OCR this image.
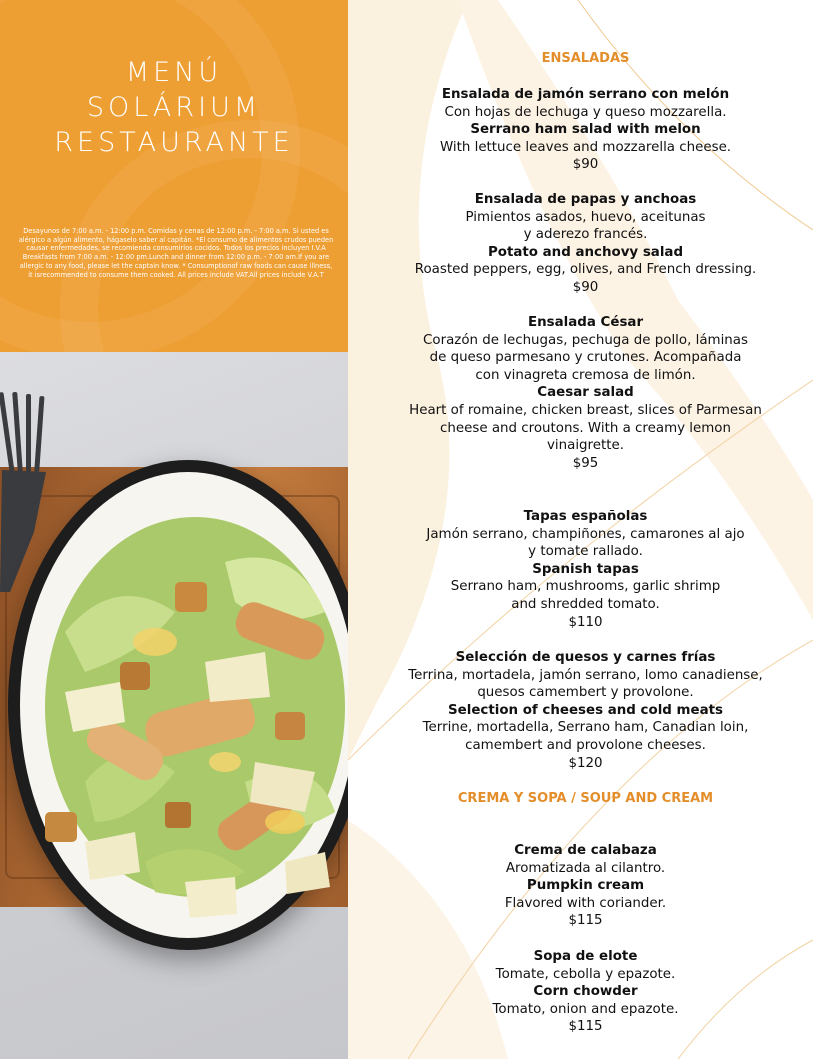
MENÚ
SOLÁRIUM
RESTAURANTE
Desayunos de 7:00 a.m. - 12:00 p.m. Comidas y cenas de 12:00 p.m. - 7:00 a.m. Si usted es alérgico a algún alimento, hágaselo saber al capitán. *El consumo de alimentos crudos pueden causar enfermedades, se recomienda consumirlos cocidos. Todos los precios incluyen I.V.A Breakfasts from 7:00 a.m. - 12:00 pm.Lunch and dinner from 12:00 p.m. - 7:00 am.If you are allergic to any food, please let the captain know. * Consumptionof raw foods can cause illness, it isrecommended to consume them cooked. All prices include VAT.All prices include V.A.T
ENSALADAS
Ensalada de jamón serrano con melón
Con hojas de lechuga y queso mozzarella.
Serrano ham salad with melon
With lettuce leaves and mozzarella cheese.
$90
Ensalada de papas y anchoas
Pimientos asados, huevo, aceitunas
y aderezo francés.
Potato and anchovy salad
Roasted peppers, egg, olives, and French dressing.
$90
Ensalada César
Corazón de lechugas, pechuga de pollo, láminas
de queso parmesano y crutones. Acompañada
con vinagreta cremosa de limón.
Caesar salad
Heart of romaine, chicken breast, slices of Parmesan
cheese and croutons. With a creamy lemon
vinaigrette.
$95
Tapas españolas
Jamón serrano, champiñones, camarones al ajo
y tomate rallado.
Spanish tapas
Serrano ham, mushrooms, garlic shrimp
and shredded tomato.
$110
Selección de quesos y carnes frías
Terrina, mortadela, jamón serrano, lomo canadiense,
quesos camembert y provolone.
Selection of cheeses and cold meats
Terrine, mortadella, Serrano ham, Canadian loin,
camembert and provolone cheeses.
$120
CREMA Y SOPA / SOUP AND CREAM
Crema de calabaza
Aromatizada al cilantro.
Pumpkin cream
Flavored with coriander.
$115
Sopa de elote
Tomate, cebolla y epazote.
Corn chowder
Tomato, onion and epazote.
$115
